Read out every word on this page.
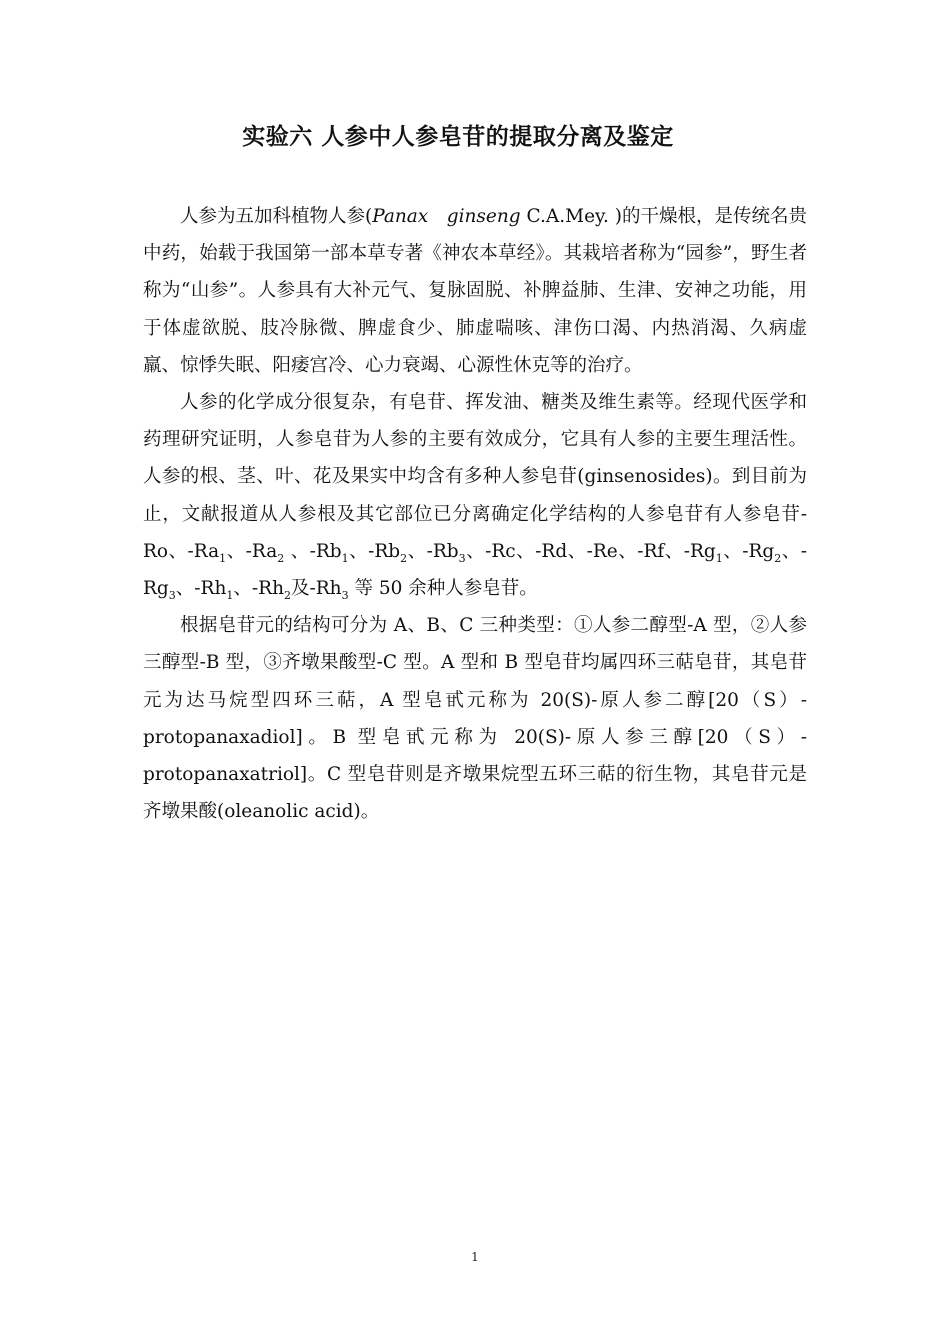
实验六 人参中人参皂苷的提取分离及鉴定

人参为五加科植物人参(Panax　ginseng C.A.Mey. )的干燥根，是传统名贵中药，始载于我国第一部本草专著《神农本草经》。其栽培者称为“园参”，野生者称为“山参”。人参具有大补元气、复脉固脱、补脾益肺、生津、安神之功能，用于体虚欲脱、肢冷脉微、脾虚食少、肺虚喘咳、津伤口渴、内热消渴、久病虚羸、惊悸失眠、阳痿宫冷、心力衰竭、心源性休克等的治疗。

人参的化学成分很复杂，有皂苷、挥发油、糖类及维生素等。经现代医学和药理研究证明，人参皂苷为人参的主要有效成分，它具有人参的主要生理活性。人参的根、茎、叶、花及果实中均含有多种人参皂苷(ginsenosides)。到目前为止，文献报道从人参根及其它部位已分离确定化学结构的人参皂苷有人参皂苷-Ro、$-Ra_1$、$-Ra_2$ 、$-Rb_1$、$-Rb_2$、$-Rb_3$、-Rc、-Rd、-Re、-Rf、$-Rg_1$、$-Rg_2$、$-Rg_3$、$-Rh_1$、$-Rh_2$及$-Rh_3$ 等 50 余种人参皂苷。

根据皂苷元的结构可分为 A、B、C 三种类型：①人参二醇型-A 型，②人参三醇型-B 型，③齐墩果酸型-C 型。A 型和 B 型皂苷均属四环三萜皂苷，其皂苷元为达马烷型四环三萜，A 型皂甙元称为 20(S)-原人参二醇[20（S）-protopanaxadiol]。B 型皂甙元称为 20(S)-原人参三醇[20（S）-protopanaxatriol]。C 型皂苷则是齐墩果烷型五环三萜的衍生物，其皂苷元是齐墩果酸(oleanolic acid)。

1
